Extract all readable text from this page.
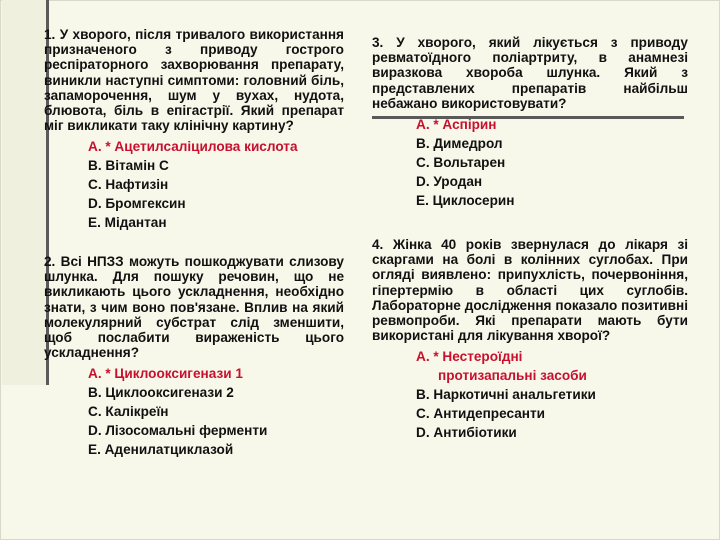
1. У хворого, після тривалого використання призначеного з приводу гострого респіраторного захворювання препарату, виникли наступні симптоми: головний біль, запаморочення, шум у вухах, нудота, блювота, біль в епігастрії. Який препарат міг викликати таку клінічну картину?

А. * Ацетилсаліцилова кислота
В. Вітамін С
С. Нафтизін
D. Бромгексин
Е. Мідантан

2. Всі НПЗЗ можуть пошкоджувати слизову шлунка. Для пошуку речовин, що не викликають цього ускладнення, необхідно знати, з чим воно пов'язане. Вплив на який молекулярний субстрат слід зменшити, щоб послабити вираженість цього ускладнення?

А. * Циклооксигенази 1
В. Циклооксигенази 2
С. Калікреїн
D. Лізосомальні ферменти
Е. Аденилатциклазой

3. У хворого, який лікується з приводу ревматоїдного поліартриту, в анамнезі виразкова хвороба шлунка. Який з представлених препаратів найбільш небажано використовувати?

А. * Аспірин
В. Димедрол
С. Вольтарен
D. Уродан
Е. Циклосерин

4. Жінка 40 років звернулася до лікаря зі скаргами на болі в колінних суглобах. При огляді виявлено: припухлість, почервоніння, гіпертермію в області цих суглобів. Лабораторне дослідження показало позитивні ревмопроби. Які препарати мають бути використані для лікування хворої?

А. * Нестероїдні
протизапальні засоби
В. Наркотичні анальгетики
С. Антидепресанти
D. Антибіотики
